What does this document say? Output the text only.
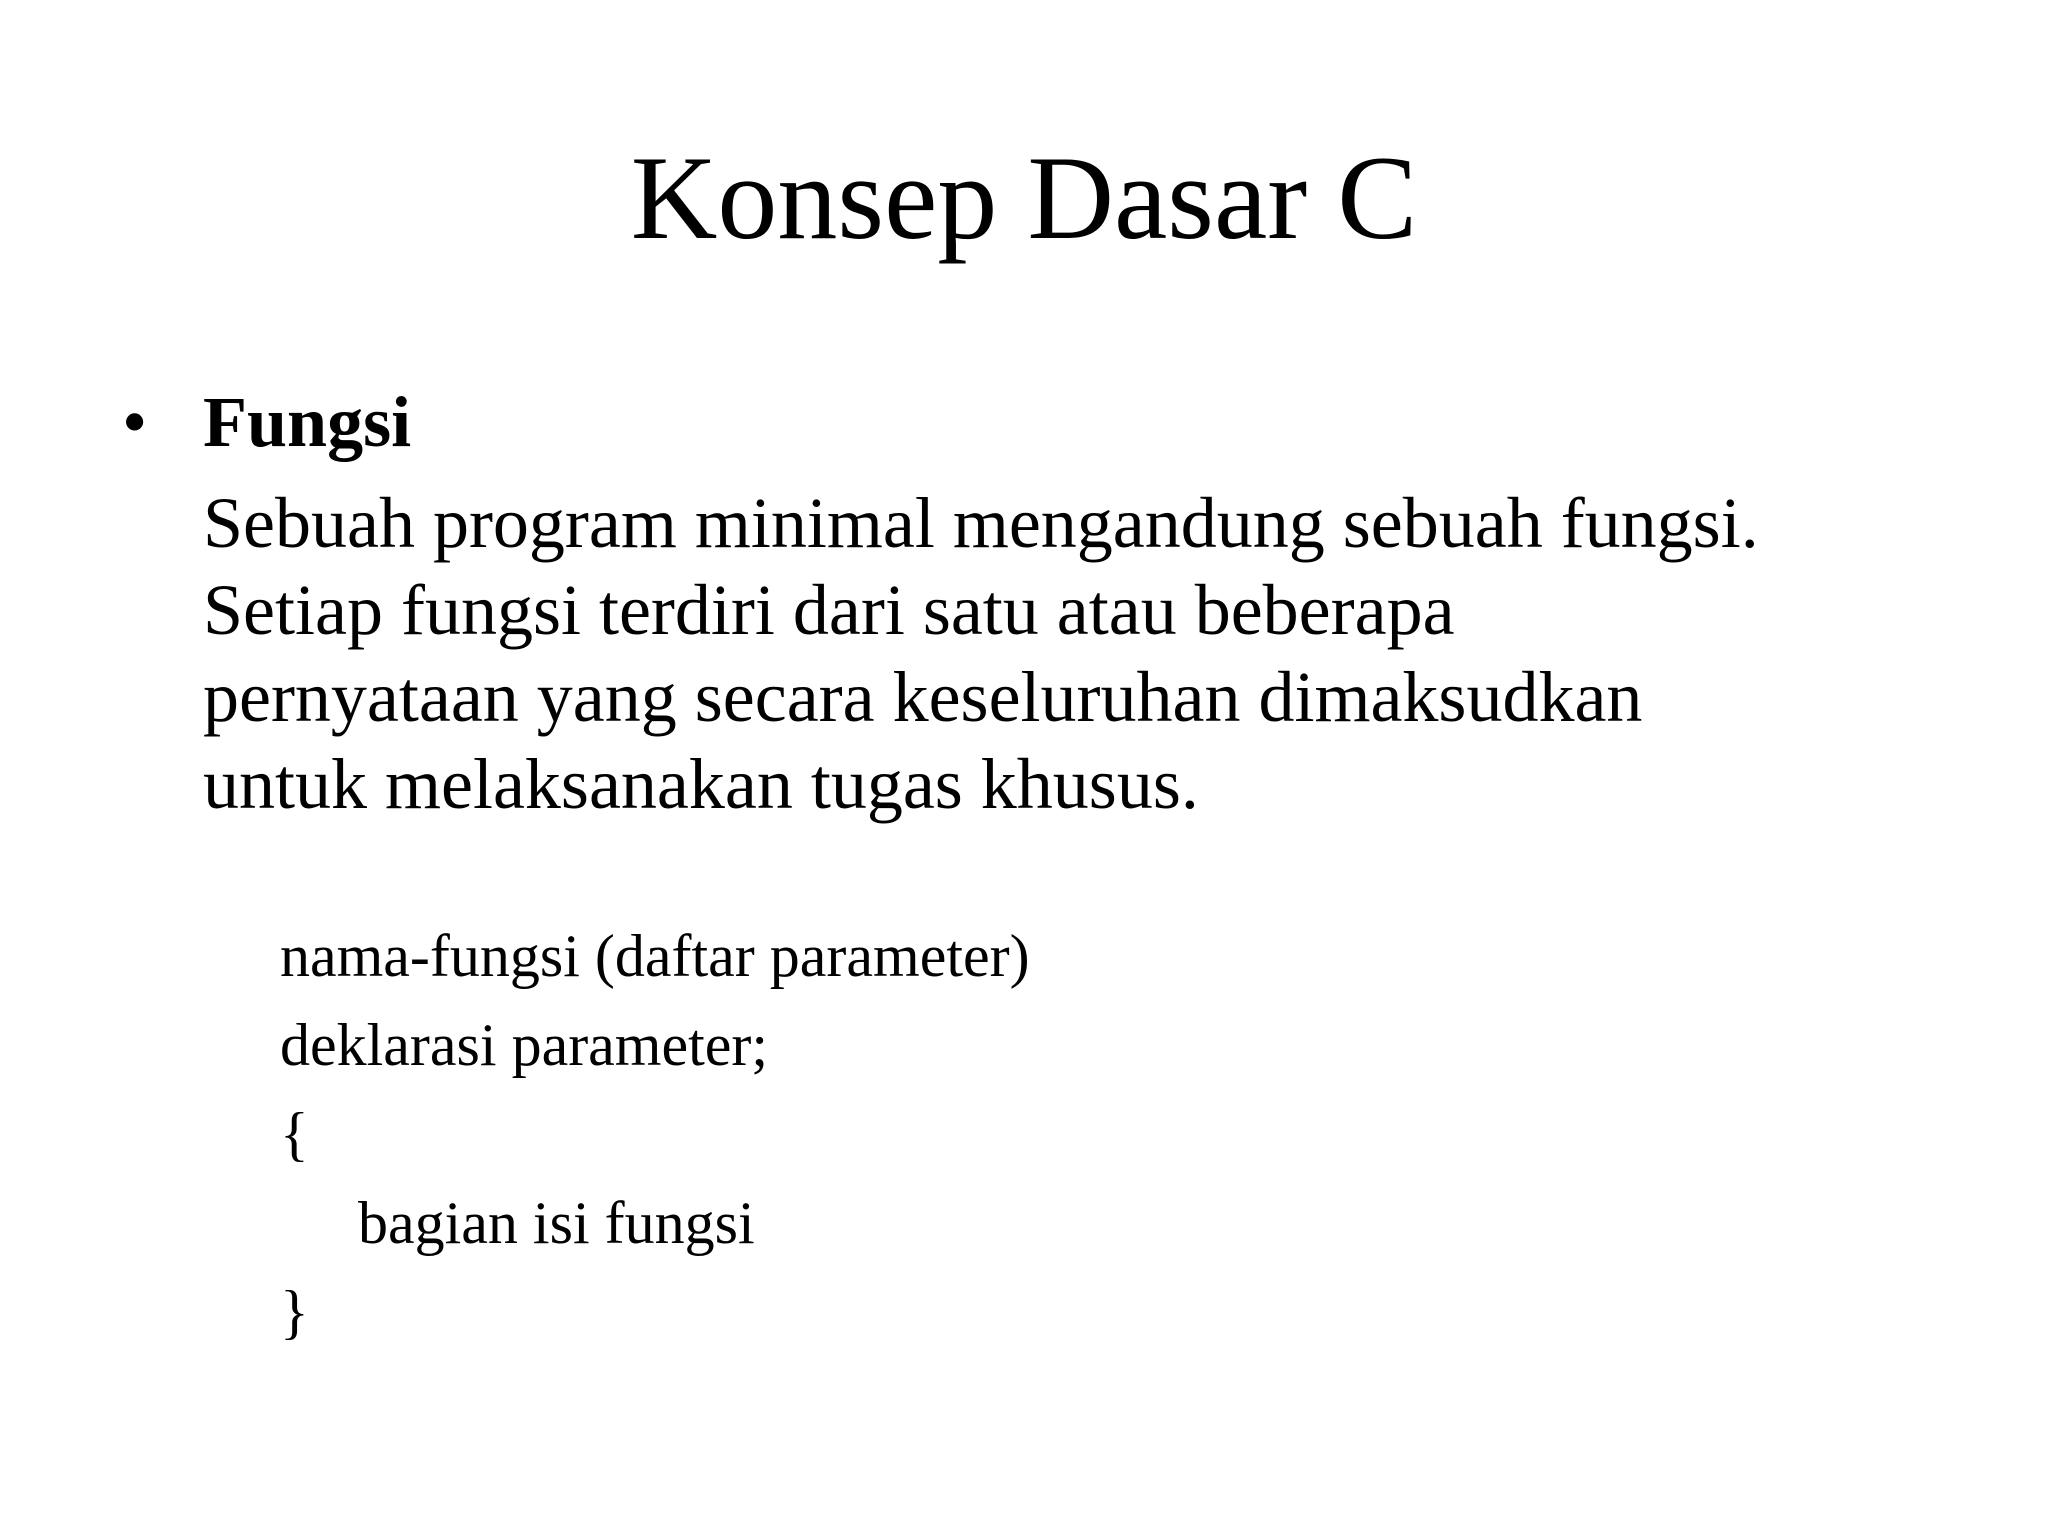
Konsep Dasar C
• Fungsi
Sebuah program minimal mengandung sebuah fungsi.
Setiap fungsi terdiri dari satu atau beberapa
pernyataan yang secara keseluruhan dimaksudkan
untuk melaksanakan tugas khusus.
nama-fungsi (daftar parameter)
deklarasi parameter;
{
bagian isi fungsi
}
